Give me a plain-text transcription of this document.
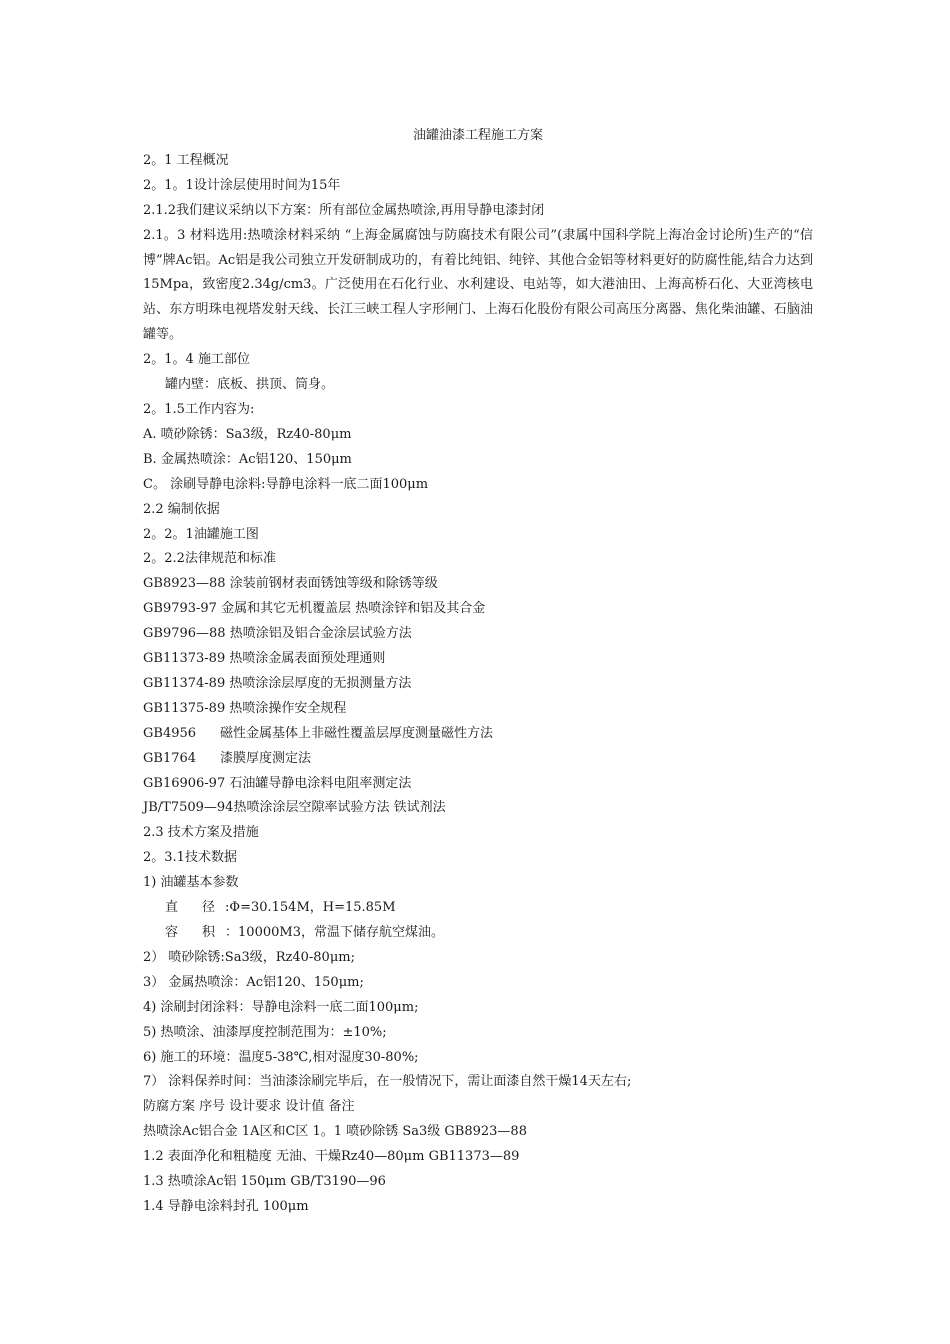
油罐油漆工程施工方案
2。1 工程概况
2。1。1设计涂层使用时间为15年
2.1.2我们建议采纳以下方案：所有部位金属热喷涂,再用导静电漆封闭
2.1。3 材料选用:热喷涂材料采纳 “上海金属腐蚀与防腐技术有限公司”(隶属中国科学院上海冶金讨论所)生产的“信博”牌Ac铝。Ac铝是我公司独立开发研制成功的，有着比纯铝、纯锌、其他合金铝等材料更好的防腐性能,结合力达到15Mpa，致密度2.34g/cm3。广泛使用在石化行业、水利建设、电站等，如大港油田、上海高桥石化、大亚湾核电站、东方明珠电视塔发射天线、长江三峡工程人字形闸门、上海石化股份有限公司高压分离器、焦化柴油罐、石脑油罐等。
2。1。4 施工部位
罐内壁：底板、拱顶、筒身。
2。1.5工作内容为:
A. 喷砂除锈：Sa3级，Rz40-80μm
B. 金属热喷涂：Ac铝120、150μm
C。 涂刷导静电涂料:导静电涂料一底二面100μm
2.2 编制依据
2。2。1油罐施工图
2。2.2法律规范和标准
GB8923—88 涂装前钢材表面锈蚀等级和除锈等级
GB9793-97 金属和其它无机覆盖层 热喷涂锌和铝及其合金
GB9796—88 热喷涂铝及铝合金涂层试验方法
GB11373-89 热喷涂金属表面预处理通则
GB11374-89 热喷涂涂层厚度的无损测量方法
GB11375-89 热喷涂操作安全规程
GB4956 磁性金属基体上非磁性覆盖层厚度测量磁性方法
GB1764 漆膜厚度测定法
GB16906-97 石油罐导静电涂料电阻率测定法
JB/T7509—94热喷涂涂层空隙率试验方法 铁试剂法
2.3 技术方案及措施
2。3.1技术数据
1) 油罐基本参数
直 径 :Φ=30.154M，H=15.85M
容 积 ：10000M3，常温下储存航空煤油。
2） 喷砂除锈:Sa3级，Rz40-80μm;
3） 金属热喷涂：Ac铝120、150μm;
4) 涂刷封闭涂料：导静电涂料一底二面100μm;
5) 热喷涂、油漆厚度控制范围为：±10%;
6) 施工的环境：温度5-38℃,相对湿度30-80%;
7） 涂料保养时间：当油漆涂刷完毕后，在一般情况下，需让面漆自然干燥14天左右;
防腐方案 序号 设计要求 设计值 备注
热喷涂Ac铝合金 1A区和C区 1。1 喷砂除锈 Sa3级 GB8923—88
1.2 表面净化和粗糙度 无油、干燥Rz40—80μm GB11373—89
1.3 热喷涂Ac铝 150μm GB/T3190—96
1.4 导静电涂料封孔 100μm
